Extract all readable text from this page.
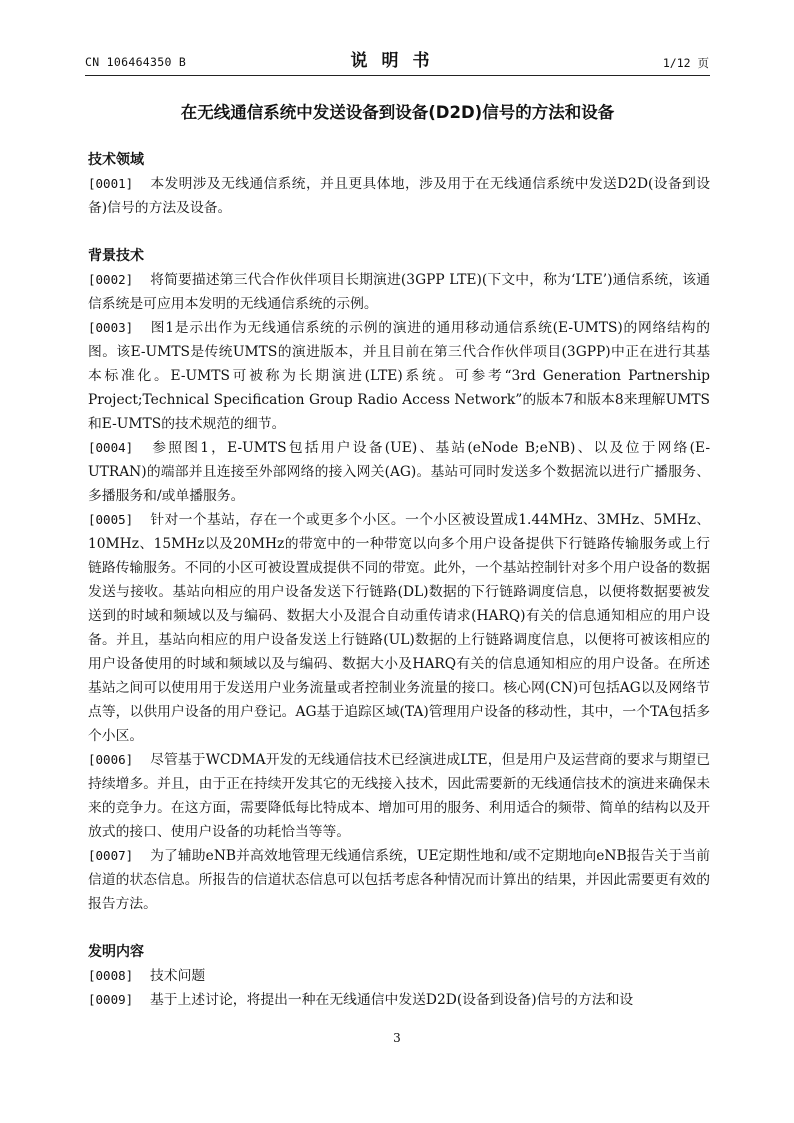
CN 106464350 B	说明书	1/12 页
在无线通信系统中发送设备到设备(D2D)信号的方法和设备
技术领域
[0001] 本发明涉及无线通信系统，并且更具体地，涉及用于在无线通信系统中发送D2D(设备到设备)信号的方法及设备。
背景技术
[0002] 将简要描述第三代合作伙伴项目长期演进(3GPP LTE)(下文中，称为‘LTE’)通信系统，该通信系统是可应用本发明的无线通信系统的示例。
[0003] 图1是示出作为无线通信系统的示例的演进的通用移动通信系统(E-UMTS)的网络结构的图。该E-UMTS是传统UMTS的演进版本，并且目前在第三代合作伙伴项目(3GPP)中正在进行其基本标准化。E-UMTS可被称为长期演进(LTE)系统。可参考“3rd Generation Partnership Project;Technical Specification Group Radio Access Network”的版本7和版本8来理解UMTS和E-UMTS的技术规范的细节。
[0004] 参照图1，E-UMTS包括用户设备(UE)、基站(eNode B;eNB)、以及位于网络(E-UTRAN)的端部并且连接至外部网络的接入网关(AG)。基站可同时发送多个数据流以进行广播服务、多播服务和/或单播服务。
[0005] 针对一个基站，存在一个或更多个小区。一个小区被设置成1.44MHz、3MHz、5MHz、10MHz、15MHz以及20MHz的带宽中的一种带宽以向多个用户设备提供下行链路传输服务或上行链路传输服务。不同的小区可被设置成提供不同的带宽。此外，一个基站控制针对多个用户设备的数据发送与接收。基站向相应的用户设备发送下行链路(DL)数据的下行链路调度信息，以便将数据要被发送到的时域和频域以及与编码、数据大小及混合自动重传请求(HARQ)有关的信息通知相应的用户设备。并且，基站向相应的用户设备发送上行链路(UL)数据的上行链路调度信息，以便将可被该相应的用户设备使用的时域和频域以及与编码、数据大小及HARQ有关的信息通知相应的用户设备。在所述基站之间可以使用用于发送用户业务流量或者控制业务流量的接口。核心网(CN)可包括AG以及网络节点等，以供用户设备的用户登记。AG基于追踪区域(TA)管理用户设备的移动性，其中，一个TA包括多个小区。
[0006] 尽管基于WCDMA开发的无线通信技术已经演进成LTE，但是用户及运营商的要求与期望已持续增多。并且，由于正在持续开发其它的无线接入技术，因此需要新的无线通信技术的演进来确保未来的竞争力。在这方面，需要降低每比特成本、增加可用的服务、利用适合的频带、简单的结构以及开放式的接口、使用户设备的功耗恰当等等。
[0007] 为了辅助eNB并高效地管理无线通信系统，UE定期性地和/或不定期地向eNB报告关于当前信道的状态信息。所报告的信道状态信息可以包括考虑各种情况而计算出的结果，并因此需要更有效的报告方法。
发明内容
[0008] 技术问题
[0009] 基于上述讨论，将提出一种在无线通信中发送D2D(设备到设备)信号的方法和设
3
